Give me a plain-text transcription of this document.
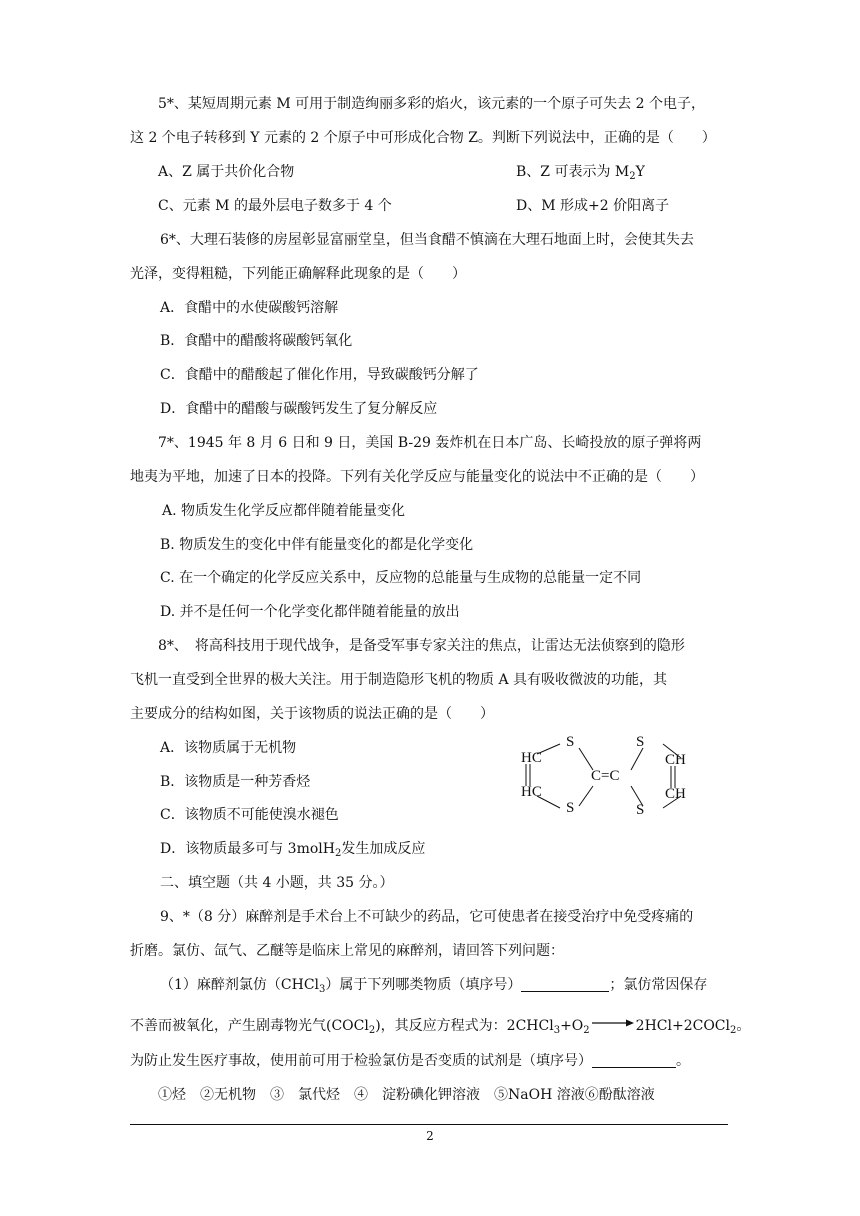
5*、某短周期元素 M 可用于制造绚丽多彩的焰火，该元素的一个原子可失去 2 个电子，
这 2 个电子转移到 Y 元素的 2 个原子中可形成化合物 Z。判断下列说法中，正确的是（　　）
A、Z 属于共价化合物	B、Z 可表示为 $M_2Y$
C、元素 M 的最外层电子数多于 4 个	D、M 形成+2 价阳离子
6*、大理石装修的房屋彰显富丽堂皇，但当食醋不慎滴在大理石地面上时，会使其失去
光泽，变得粗糙，下列能正确解释此现象的是（　　）
A．食醋中的水使碳酸钙溶解
B．食醋中的醋酸将碳酸钙氧化
C．食醋中的醋酸起了催化作用，导致碳酸钙分解了
D．食醋中的醋酸与碳酸钙发生了复分解反应
7*、1945 年 8 月 6 日和 9 日，美国 B-29 轰炸机在日本广岛、长崎投放的原子弹将两
地夷为平地，加速了日本的投降。下列有关化学反应与能量变化的说法中不正确的是（　　）
A. 物质发生化学反应都伴随着能量变化
B. 物质发生的变化中伴有能量变化的都是化学变化
C. 在一个确定的化学反应关系中，反应物的总能量与生成物的总能量一定不同
D. 并不是任何一个化学变化都伴随着能量的放出
8*、　将高科技用于现代战争，是备受军事专家关注的焦点，让雷达无法侦察到的隐形
飞机一直受到全世界的极大关注。用于制造隐形飞机的物质 A 具有吸收微波的功能，其
主要成分的结构如图，关于该物质的说法正确的是（　　）
A．该物质属于无机物
B．该物质是一种芳香烃
C．该物质不可能使溴水褪色
D．该物质最多可与 3molH$_2$发生加成反应
HC
HC
S
S
C=C
S
S
CH
CH
二、填空题（共 4 小题，共 35 分。）
9、*（8 分）麻醉剂是手术台上不可缺少的药品，它可使患者在接受治疗中免受疼痛的
折磨。氯仿、氙气、乙醚等是临床上常见的麻醉剂，请回答下列问题：
（1）麻醉剂氯仿（CHCl$_3$）属于下列哪类物质（填序号）	；氯仿常因保存
不善而被氧化，产生剧毒物光气(COCl$_2$)，其反应方程式为：$2CHCl_3+O_2$ → 2HCl+2COCl$_2$。
为防止发生医疗事故，使用前可用于检验氯仿是否变质的试剂是（填序号）	。
①烃　②无机物　③　氯代烃　④　淀粉碘化钾溶液　⑤NaOH 溶液⑥酚酞溶液
2
